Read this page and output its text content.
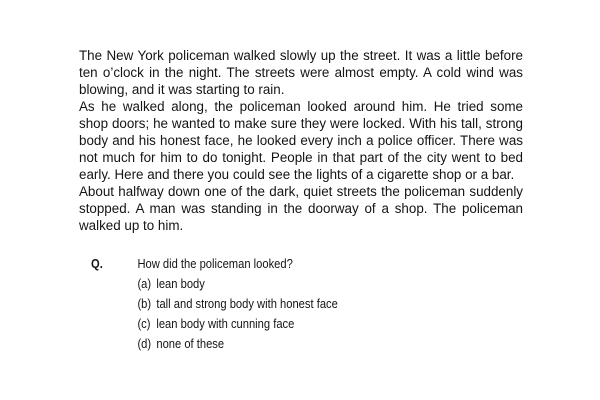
The New York policeman walked slowly up the street. It was a little before ten o’clock in the night. The streets were almost empty. A cold wind was blowing, and it was starting to rain.

As he walked along, the policeman looked around him. He tried some shop doors; he wanted to make sure they were locked. With his tall, strong body and his honest face, he looked every inch a police officer. There was not much for him to do tonight. People in that part of the city went to bed early. Here and there you could see the lights of a cigarette shop or a bar.

About halfway down one of the dark, quiet streets the policeman suddenly stopped. A man was standing in the doorway of a shop. The policeman walked up to him.

Q.	How did the policeman looked?
(a) lean body
(b) tall and strong body with honest face
(c) lean body with cunning face
(d) none of these
